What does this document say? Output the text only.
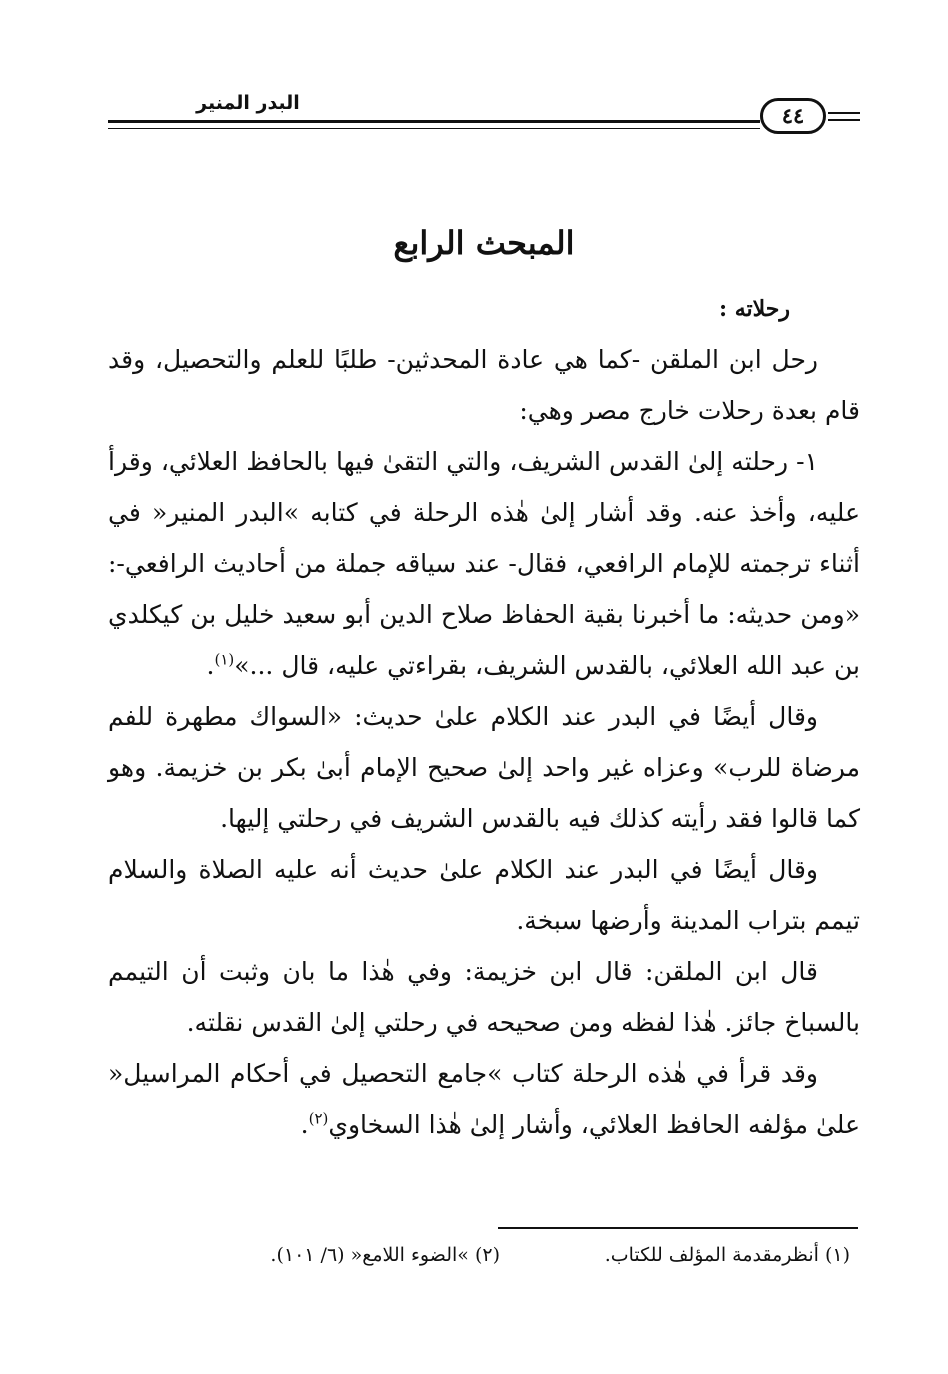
البدر المنير	٤٤
المبحث الرابع
رحلاته :

رحل ابن الملقن -كما هي عادة المحدثين- طلبًا للعلم والتحصيل، وقد قام بعدة رحلات خارج مصر وهي:

١- رحلته إلىٰ القدس الشريف، والتي التقىٰ فيها بالحافظ العلائي، وقرأ عليه، وأخذ عنه. وقد أشار إلىٰ هٰذه الرحلة في كتابه »البدر المنير« في أثناء ترجمته للإمام الرافعي، فقال- عند سياقه جملة من أحاديث الرافعي-: «ومن حديثه: ما أخبرنا بقية الحفاظ صلاح الدين أبو سعيد خليل بن كيكلدي بن عبد الله العلائي، بالقدس الشريف، بقراءتي عليه، قال ...»$^{(١)}$.

وقال أيضًا في البدر عند الكلام علىٰ حديث: «السواك مطهرة للفم مرضاة للرب» وعزاه غير واحد إلىٰ صحيح الإمام أبىٰ بكر بن خزيمة. وهو كما قالوا فقد رأيته كذلك فيه بالقدس الشريف في رحلتي إليها.

وقال أيضًا في البدر عند الكلام علىٰ حديث أنه عليه الصلاة والسلام تيمم بتراب المدينة وأرضها سبخة.

قال ابن الملقن: قال ابن خزيمة: وفي هٰذا ما بان وثبت أن التيمم بالسباخ جائز. هٰذا لفظه ومن صحيحه في رحلتي إلىٰ القدس نقلته.

وقد قرأ في هٰذه الرحلة كتاب »جامع التحصيل في أحكام المراسيل« علىٰ مؤلفه الحافظ العلائي، وأشار إلىٰ هٰذا السخاوي$^{(٢)}$.

(١) أنظرمقدمة المؤلف للكتاب.
(٢) »الضوء اللامع« (٦/ ١٠١).
